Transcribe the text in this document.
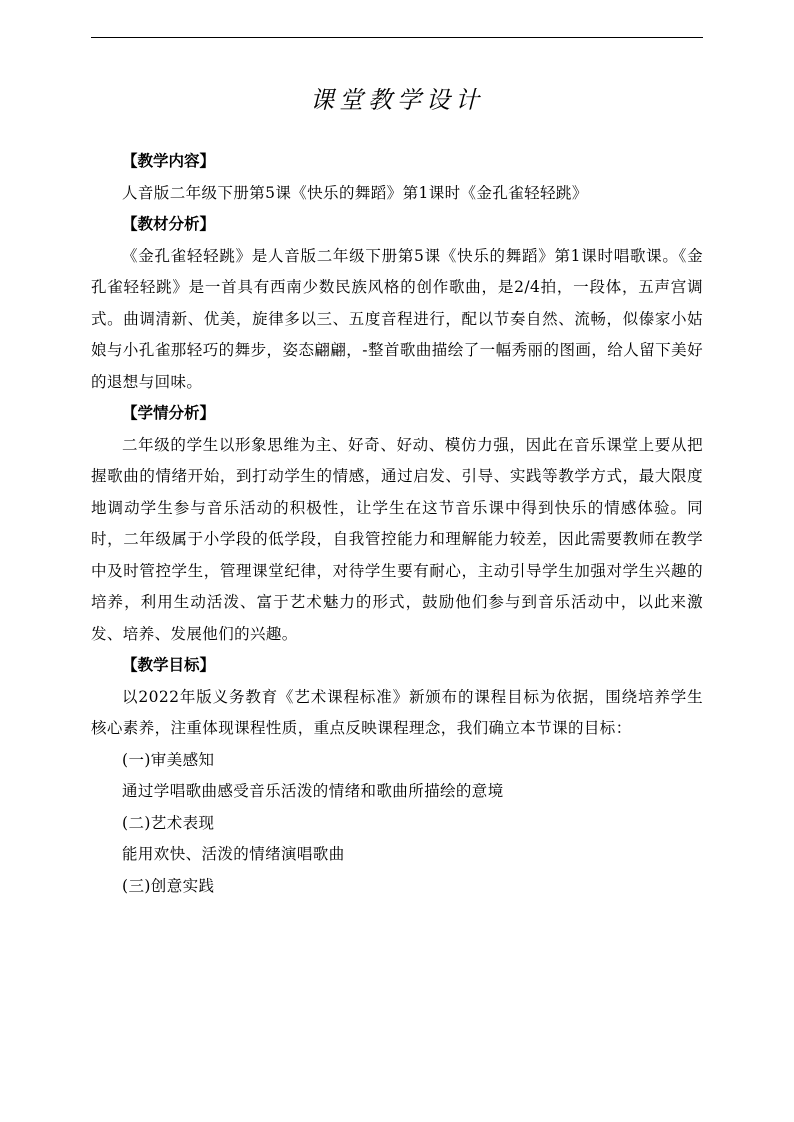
课堂教学设计

【教学内容】

人音版二年级下册第5课《快乐的舞蹈》第1课时《金孔雀轻轻跳》

【教材分析】

《金孔雀轻轻跳》是人音版二年级下册第5课《快乐的舞蹈》第1课时唱歌课。《金孔雀轻轻跳》是一首具有西南少数民族风格的创作歌曲，是2/4拍，一段体，五声宫调式。曲调清新、优美，旋律多以三、五度音程进行，配以节奏自然、流畅，似傣家小姑娘与小孔雀那轻巧的舞步，姿态翩翩，-整首歌曲描绘了一幅秀丽的图画，给人留下美好的退想与回味。

【学情分析】

二年级的学生以形象思维为主、好奇、好动、模仿力强，因此在音乐课堂上要从把握歌曲的情绪开始，到打动学生的情感，通过启发、引导、实践等教学方式，最大限度地调动学生参与音乐活动的积极性，让学生在这节音乐课中得到快乐的情感体验。同时，二年级属于小学段的低学段，自我管控能力和理解能力较差，因此需要教师在教学中及时管控学生，管理课堂纪律，对待学生要有耐心，主动引导学生加强对学生兴趣的培养，利用生动活泼、富于艺术魅力的形式，鼓励他们参与到音乐活动中，以此来激发、培养、发展他们的兴趣。

【教学目标】

以2022年版义务教育《艺术课程标准》新颁布的课程目标为依据，围绕培养学生核心素养，注重体现课程性质，重点反映课程理念，我们确立本节课的目标：

(一)审美感知

通过学唱歌曲感受音乐活泼的情绪和歌曲所描绘的意境

(二)艺术表现

能用欢快、活泼的情绪演唱歌曲

(三)创意实践
